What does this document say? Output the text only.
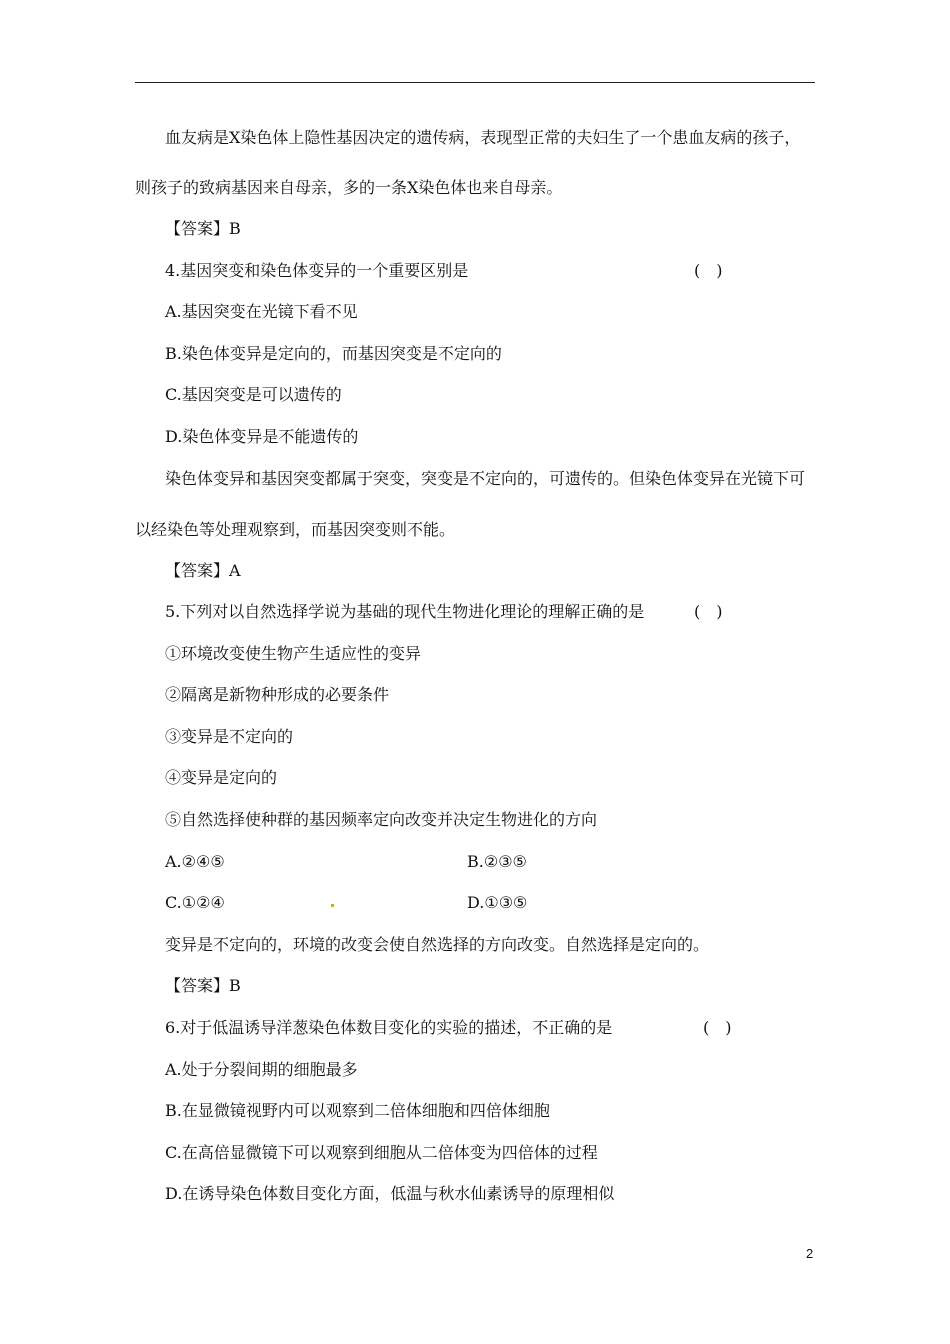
血友病是X染色体上隐性基因决定的遗传病，表现型正常的夫妇生了一个患血友病的孩子，
则孩子的致病基因来自母亲，多的一条X染色体也来自母亲。
【答案】B
4.基因突变和染色体变异的一个重要区别是	(　)
A.基因突变在光镜下看不见
B.染色体变异是定向的，而基因突变是不定向的
C.基因突变是可以遗传的
D.染色体变异是不能遗传的
染色体变异和基因突变都属于突变，突变是不定向的，可遗传的。但染色体变异在光镜下可
以经染色等处理观察到，而基因突变则不能。
【答案】A
5.下列对以自然选择学说为基础的现代生物进化理论的理解正确的是	(　)
①环境改变使生物产生适应性的变异
②隔离是新物种形成的必要条件
③变异是不定向的
④变异是定向的
⑤自然选择使种群的基因频率定向改变并决定生物进化的方向
A.②④⑤	B.②③⑤
C.①②④	D.①③⑤
变异是不定向的，环境的改变会使自然选择的方向改变。自然选择是定向的。
【答案】B
6.对于低温诱导洋葱染色体数目变化的实验的描述，不正确的是	(　)
A.处于分裂间期的细胞最多
B.在显微镜视野内可以观察到二倍体细胞和四倍体细胞
C.在高倍显微镜下可以观察到细胞从二倍体变为四倍体的过程
D.在诱导染色体数目变化方面，低温与秋水仙素诱导的原理相似
2
